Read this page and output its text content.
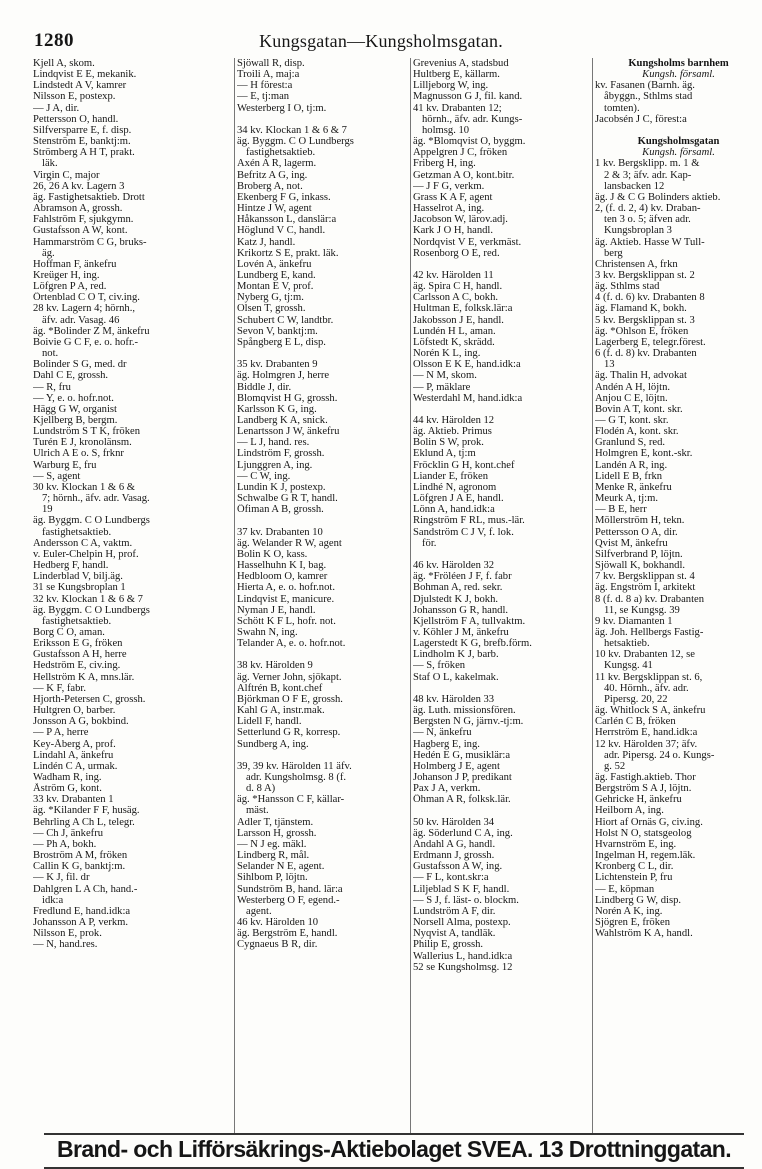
1280	Kungsgatan—Kungsholmsgatan.
Kjell A, skom.
Lindqvist E E, mekanik.
Lindstedt A V, kamrer
Nilsson E, postexp.
— J A, dir.
Pettersson O, handl.
Silfversparre E, f. disp.
Stenström E, banktj:m.
Strömberg A H T, prakt.
läk.
Virgin C, major
26, 26 A kv. Lagern 3
äg. Fastighetsaktieb. Drott
Abramson A, grossh.
Fahlström F, sjukgymn.
Gustafsson A W, kont.
Hammarström C G, bruks-
äg.
Hoffman F, änkefru
Kreüger H, ing.
Löfgren P A, red.
Örtenblad C O T, civ.ing.
28 kv. Lagern 4; hörnh.,
äfv. adr. Vasag. 46
äg. *Bolinder Z M, änkefru
Boivie G C F, e. o. hofr.-
not.
Bolinder S G, med. dr
Dahl C E, grossh.
— R, fru
— Y, e. o. hofr.not.
Hägg G W, organist
Kjellberg B, bergm.
Lundström S T K, fröken
Turén E J, kronolänsm.
Ulrich A E o. S, frknr
Warburg E, fru
— S, agent
30 kv. Klockan 1 & 6 &
7; hörnh., äfv. adr. Vasag.
19
äg. Byggm. C O Lundbergs
fastighetsaktieb.
Andersson C A, vaktm.
v. Euler-Chelpin H, prof.
Hedberg F, handl.
Linderblad V, bilj.äg.
31 se Kungsbroplan 1
32 kv. Klockan 1 & 6 & 7
äg. Byggm. C O Lundbergs
fastighetsaktieb.
Borg C O, aman.
Eriksson E G, fröken
Gustafsson A H, herre
Hedström E, civ.ing.
Hellström K A, mns.lär.
— K F, fabr.
Hjorth-Petersen C, grossh.
Hultgren O, barber.
Jonsson A G, bokbind.
— P A, herre
Key-Åberg A, prof.
Lindahl A, änkefru
Lindén C A, urmak.
Wadham R, ing.
Åström G, kont.
33 kv. Drabanten 1
äg. *Kilander F F, husäg.
Behrling A Ch L, telegr.
— Ch J, änkefru
— Ph A, bokh.
Broström A M, fröken
Callin K G, banktj:m.
— K J, fil. dr
Dahlgren L A Ch, hand.-
idk:a
Fredlund E, hand.idk:a
Johansson A P, verkm.
Nilsson E, prok.
— N, hand.res.
Sjöwall R, disp.
Troili A, maj:a
— H förest:a
— E, tj:man
Westerberg I O, tj:m.

34 kv. Klockan 1 & 6 & 7
äg. Byggm. C O Lundbergs
fastighetsaktieb.
Axén A R, lagerm.
Befritz A G, ing.
Broberg A, not.
Ekenberg F G, inkass.
Hintze J W, agent
Håkansson L, danslär:a
Höglund V C, handl.
Katz J, handl.
Krikortz S E, prakt. läk.
Lovén A, änkefru
Lundberg E, kand.
Montan E V, prof.
Nyberg G, tj:m.
Olsen T, grossh.
Schubert C W, landtbr.
Sevon V, banktj:m.
Spångberg E L, disp.

35 kv. Drabanten 9
äg. Holmgren J, herre
Biddle J, dir.
Blomqvist H G, grossh.
Karlsson K G, ing.
Landberg K A, snick.
Lenartsson J W, änkefru
— L J, hand. res.
Lindström F, grossh.
Ljunggren A, ing.
— C W, ing.
Lundin K J, postexp.
Schwalbe G R T, handl.
Öfiman A B, grossh.

37 kv. Drabanten 10
äg. Welander R W, agent
Bolin K O, kass.
Hasselhuhn K I, bag.
Hedbloom O, kamrer
Hierta A, e. o. hofr.not.
Lindqvist E, manicure.
Nyman J E, handl.
Schött K F L, hofr. not.
Swahn N, ing.
Telander A, e. o. hofr.not.

38 kv. Härolden 9
äg. Verner John, sjökapt.
Alftrén B, kont.chef
Björkman O F E, grossh.
Kahl G A, instr.mak.
Lidell F, handl.
Setterlund G R, korresp.
Sundberg A, ing.

39, 39 kv. Härolden 11 äfv.
adr. Kungsholmsg. 8 (f.
d. 8 A)
äg. *Hansson C F, källar-
mäst.
Adler T, tjänstem.
Larsson H, grossh.
— N J eg. mäkl.
Lindberg R, mål.
Selander N E, agent.
Sihlbom P, löjtn.
Sundström B, hand. lär:a
Westerberg O F, egend.-
agent.
46 kv. Härolden 10
äg. Bergström E, handl.
Cygnaeus B R, dir.
Grevenius A, stadsbud
Hultberg E, källarm.
Lilljeborg W, ing.
Magnusson G J, fil. kand.
41 kv. Drabanten 12;
hörnh., äfv. adr. Kungs-
holmsg. 10
äg. *Blomqvist O, byggm.
Appelgren J C, fröken
Friberg H, ing.
Getzman A O, kont.bitr.
— J F G, verkm.
Grass K A F, agent
Hasselrot A, ing.
Jacobson W, lärov.adj.
Kark J O H, handl.
Nordqvist V E, verkmäst.
Rosenborg O E, red.

42 kv. Härolden 11
äg. Spira C H, handl.
Carlsson A C, bokh.
Hultman E, folksk.lär:a
Jakobsson J E, handl.
Lundén H L, aman.
Löfstedt K, skrädd.
Norén K L, ing.
Olsson E K E, hand.idk:a
— N M, skom.
— P, mäklare
Westerdahl M, hand.idk:a

44 kv. Härolden 12
äg. Aktieb. Primus
Bolin S W, prok.
Eklund A, tj:m
Fröcklin G H, kont.chef
Liander E, fröken
Lindhé N, agronom
Löfgren J A E, handl.
Lönn A, hand.idk:a
Ringström F RL, mus.-lär.
Sandström C J V, f. lok.
för.

46 kv. Härolden 32
äg. *Fröléen J F, f. fabr
Bohman A, red. sekr.
Djulstedt K J, bokh.
Johansson G R, handl.
Kjellström F A, tullvaktm.
v. Köhler J M, änkefru
Lagerstedt K G, brefb.förm.
Lindholm K J, barb.
— S, fröken
Staf O L, kakelmak.

48 kv. Härolden 33
äg. Luth. missionsfören.
Bergsten N G, järnv.-tj:m.
— N, änkefru
Hagberg E, ing.
Hedén E G, musiklär:a
Holmberg J E, agent
Johanson J P, predikant
Pax J A, verkm.
Öhman A R, folksk.lär.

50 kv. Härolden 34
äg. Söderlund C A, ing.
Andahl A G, handl.
Erdmann J, grossh.
Gustafsson A W, ing.
— F L, kont.skr:a
Liljeblad S K F, handl.
— S J, f. läst- o. blockm.
Lundström A F, dir.
Norsell Alma, postexp.
Nyqvist A, tandläk.
Philip E, grossh.
Wallerius L, hand.idk:a
52 se Kungsholmsg. 12
Kungsholms barnhem
Kungsh. församl.
kv. Fasanen (Barnh. äg.
åbyggn., Sthlms stad
tomten).
Jacobsén J C, förest:a

Kungsholmsgatan
Kungsh. församl.
1 kv. Bergsklipp. m. 1 &
2 & 3; äfv. adr. Kap-
lansbacken 12
äg. J & C G Bolinders aktieb.
2, (f. d. 2, 4) kv. Draban-
ten 3 o. 5; äfven adr.
Kungsbroplan 3
äg. Aktieb. Hasse W Tull-
berg
Christensen A, frkn
3 kv. Bergsklippan st. 2
äg. Sthlms stad
4 (f. d. 6) kv. Drabanten 8
äg. Flamand K, bokh.
5 kv. Bergsklippan st. 3
äg. *Ohlson E, fröken
Lagerberg E, telegr.förest.
6 (f. d. 8) kv. Drabanten
13
äg. Thalin H, advokat
Andén A H, löjtn.
Anjou C E, löjtn.
Bovin A T, kont. skr.
— G T, kont. skr.
Flodén A, kont. skr.
Granlund S, red.
Holmgren E, kont.-skr.
Landén A R, ing.
Lidell E B, frkn
Menke R, änkefru
Meurk A, tj:m.
— B E, herr
Möllerström H, tekn.
Pettersson O A, dir.
Qvist M, änkefru
Silfverbrand P, löjtn.
Sjöwall K, bokhandl.
7 kv. Bergsklippan st. 4
äg. Engström I, arkitekt
8 (f. d. 8 a) kv. Drabanten
11, se Kungsg. 39
9 kv. Diamanten 1
äg. Joh. Hellbergs Fastig-
hetsaktieb.
10 kv. Drabanten 12, se
Kungsg. 41
11 kv. Bergsklippan st. 6,
40. Hörnh., äfv. adr.
Pipersg. 20, 22
äg. Whitlock S A, änkefru
Carlén C B, fröken
Herrström E, hand.idk:a
12 kv. Härolden 37; äfv.
adr. Pipersg. 24 o. Kungs-
g. 52
äg. Fastigh.aktieb. Thor
Bergström S A J, löjtn.
Gehricke H, änkefru
Heilborn A, ing.
Hiort af Ornäs G, civ.ing.
Holst N O, statsgeolog
Hvarnström E, ing.
Ingelman H, regem.läk.
Kronberg C L, dir.
Lichtenstein P, fru
— E, köpman
Lindberg G W, disp.
Norén A K, ing.
Sjögren E, fröken
Wahlström K A, handl.
Brand- och Lifförsäkrings-Aktiebolaget SVEA. 13 Drottninggatan.
